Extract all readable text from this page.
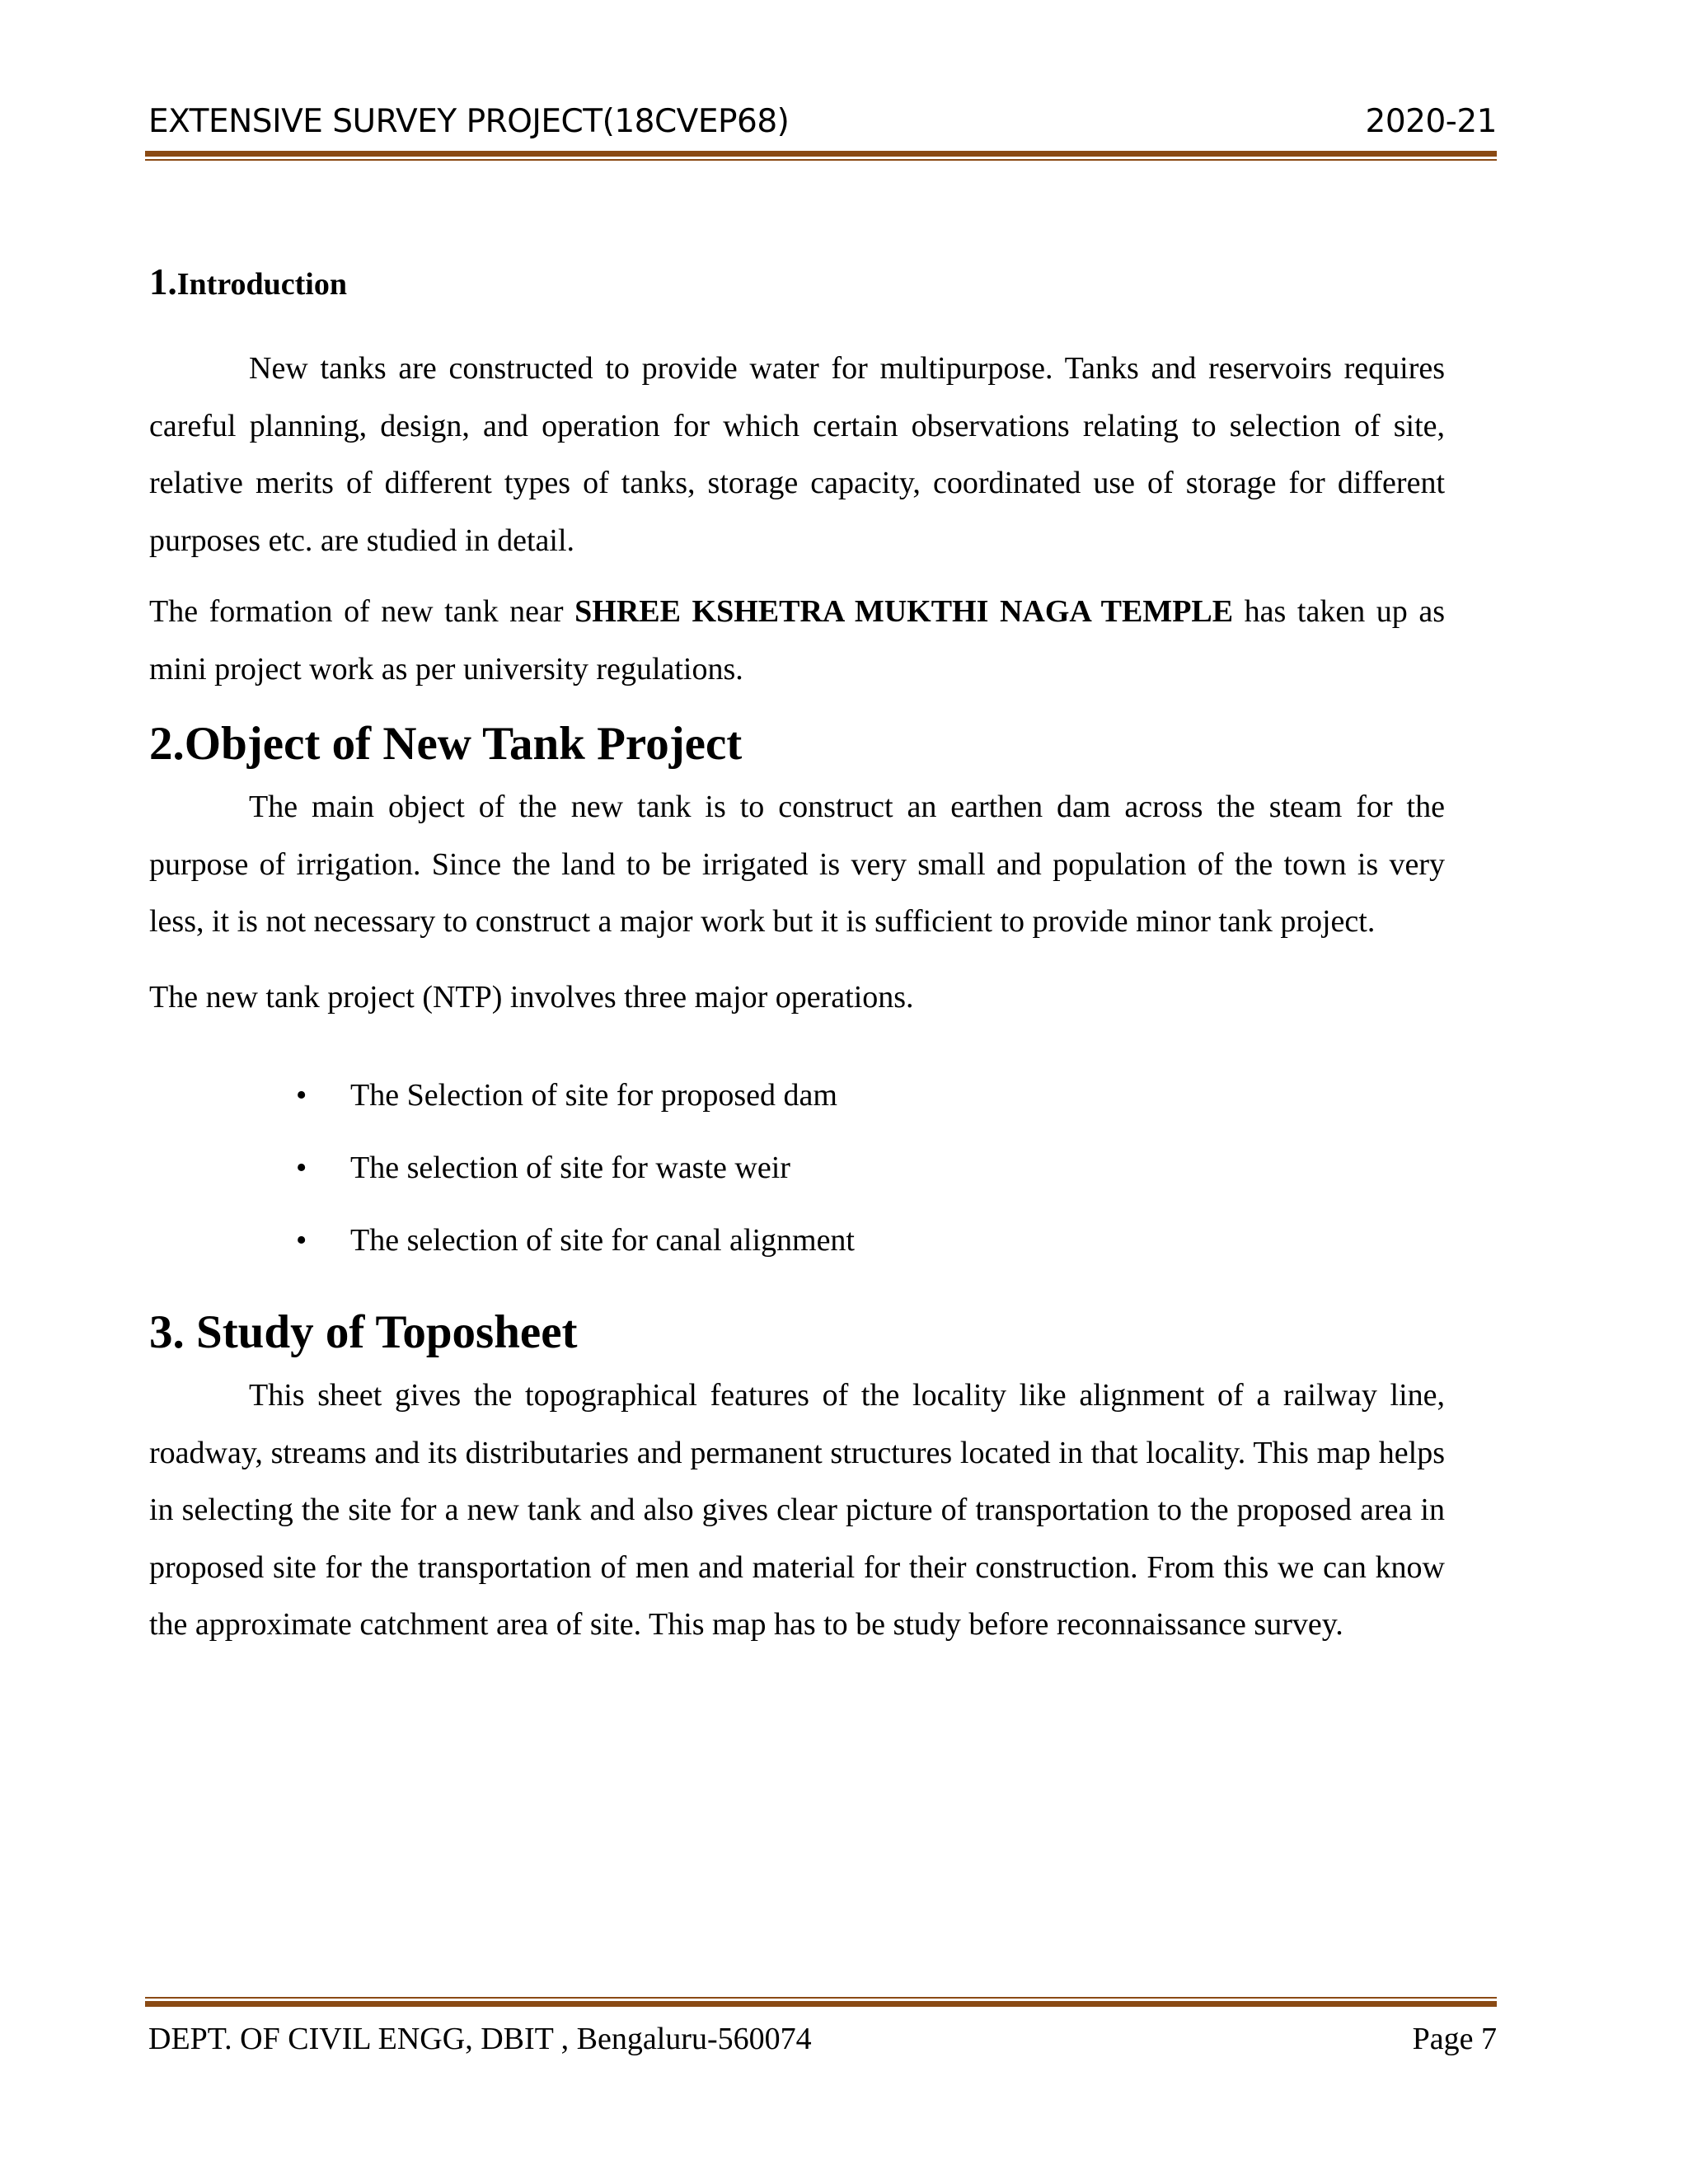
EXTENSIVE SURVEY PROJECT(18CVEP68)	2020-21
1.Introduction

New tanks are constructed to provide water for multipurpose. Tanks and reservoirs requires careful planning, design, and operation for which certain observations relating to selection of site, relative merits of different types of tanks, storage capacity, coordinated use of storage for different purposes etc. are studied in detail.

The formation of new tank near SHREE KSHETRA MUKTHI NAGA TEMPLE has taken up as mini project work as per university regulations.

2.Object of New Tank Project

The main object of the new tank is to construct an earthen dam across the steam for the purpose of irrigation. Since the land to be irrigated is very small and population of the town is very less, it is not necessary to construct a major work but it is sufficient to provide minor tank project.

The new tank project (NTP) involves three major operations.

• The Selection of site for proposed dam
• The selection of site for waste weir
• The selection of site for canal alignment
3. Study of Toposheet

This sheet gives the topographical features of the locality like alignment of a railway line, roadway, streams and its distributaries and permanent structures located in that locality. This map helps in selecting the site for a new tank and also gives clear picture of transportation to the proposed area in proposed site for the transportation of men and material for their construction. From this we can know the approximate catchment area of site. This map has to be study before reconnaissance survey.

DEPT. OF CIVIL ENGG, DBIT , Bengaluru-560074	Page 7
